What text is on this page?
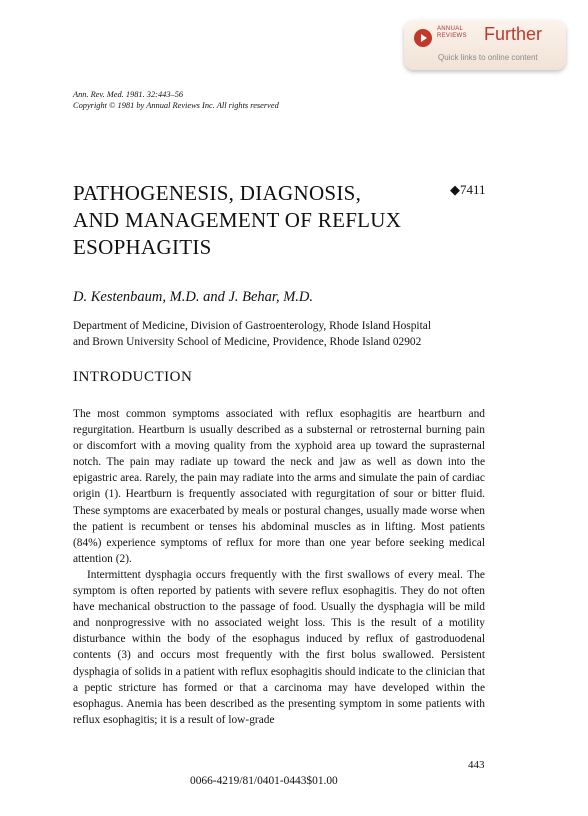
ANNUAL
REVIEWS Further
Quick links to online content
Ann. Rev. Med. 1981. 32:443–56
Copyright © 1981 by Annual Reviews Inc. All rights reserved
PATHOGENESIS, DIAGNOSIS,
AND MANAGEMENT OF REFLUX
ESOPHAGITIS
◆7411
D. Kestenbaum, M.D. and J. Behar, M.D.
Department of Medicine, Division of Gastroenterology, Rhode Island Hospital
and Brown University School of Medicine, Providence, Rhode Island 02902
INTRODUCTION

The most common symptoms associated with reflux esophagitis are heartburn and regurgitation. Heartburn is usually described as a substernal or retrosternal burning pain or discomfort with a moving quality from the xyphoid area up toward the suprasternal notch. The pain may radiate up toward the neck and jaw as well as down into the epigastric area. Rarely, the pain may radiate into the arms and simulate the pain of cardiac origin (1). Heartburn is frequently associated with regurgitation of sour or bitter fluid. These symptoms are exacerbated by meals or postural changes, usually made worse when the patient is recumbent or tenses his abdominal muscles as in lifting. Most patients (84%) experience symptoms of reflux for more than one year before seeking medical attention (2).

Intermittent dysphagia occurs frequently with the first swallows of every meal. The symptom is often reported by patients with severe reflux esophagitis. They do not often have mechanical obstruction to the passage of food. Usually the dysphagia will be mild and nonprogressive with no associated weight loss. This is the result of a motility disturbance within the body of the esophagus induced by reflux of gastroduodenal contents (3) and occurs most frequently with the first bolus swallowed. Persistent dysphagia of solids in a patient with reflux esophagitis should indicate to the clinician that a peptic stricture has formed or that a carcinoma may have developed within the esophagus. Anemia has been described as the presenting symptom in some patients with reflux esophagitis; it is a result of low-grade

443
0066-4219/81/0401-0443$01.00
